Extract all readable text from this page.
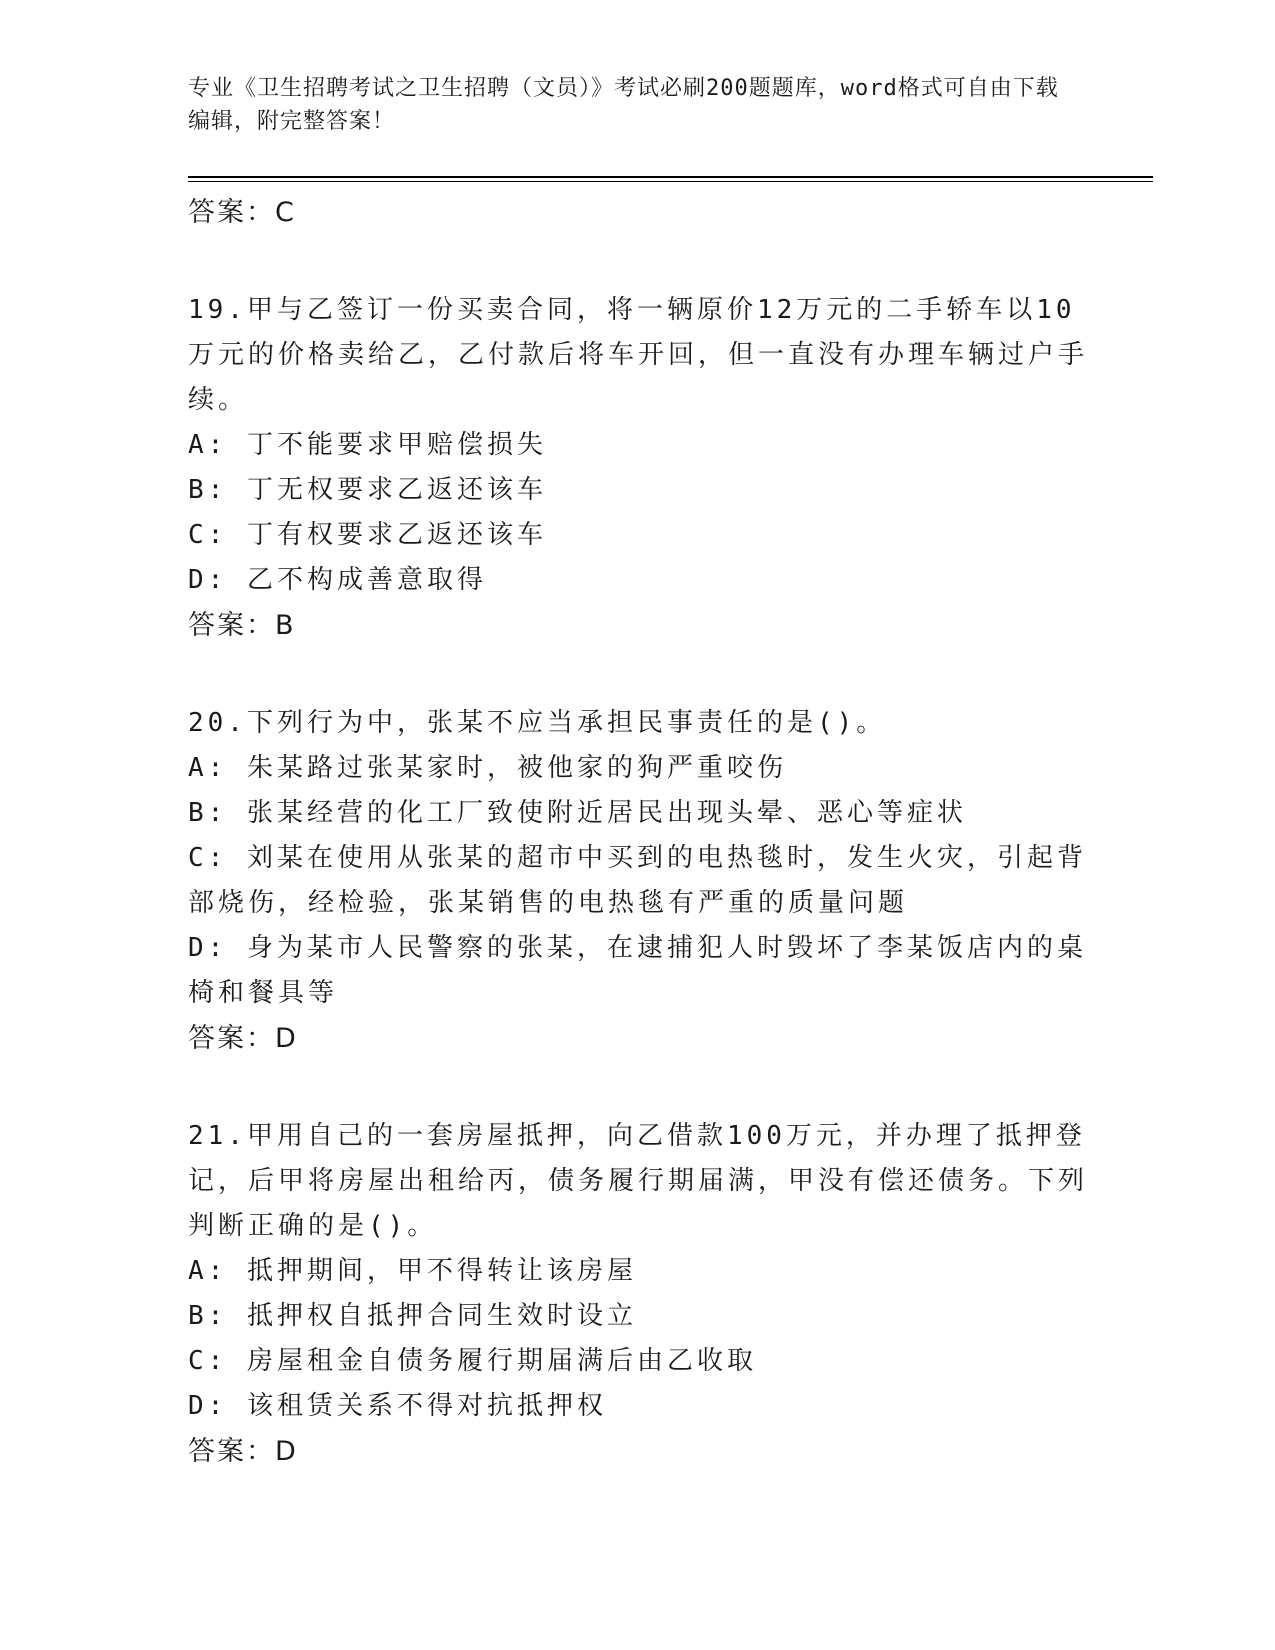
专业《卫生招聘考试之卫生招聘（文员）》考试必刷200题题库，word格式可自由下载编辑，附完整答案！

答案：C

19.甲与乙签订一份买卖合同，将一辆原价12万元的二手轿车以10万元的价格卖给乙，乙付款后将车开回，但一直没有办理车辆过户手续。

A: 丁不能要求甲赔偿损失

B: 丁无权要求乙返还该车

C: 丁有权要求乙返还该车

D: 乙不构成善意取得

答案：B

20.下列行为中，张某不应当承担民事责任的是()。

A: 朱某路过张某家时，被他家的狗严重咬伤

B: 张某经营的化工厂致使附近居民出现头晕、恶心等症状

C: 刘某在使用从张某的超市中买到的电热毯时，发生火灾，引起背部烧伤，经检验，张某销售的电热毯有严重的质量问题

D: 身为某市人民警察的张某，在逮捕犯人时毁坏了李某饭店内的桌椅和餐具等

答案：D

21.甲用自己的一套房屋抵押，向乙借款100万元，并办理了抵押登记，后甲将房屋出租给丙，债务履行期届满，甲没有偿还债务。下列判断正确的是()。

A: 抵押期间，甲不得转让该房屋

B: 抵押权自抵押合同生效时设立

C: 房屋租金自债务履行期届满后由乙收取

D: 该租赁关系不得对抗抵押权

答案：D
